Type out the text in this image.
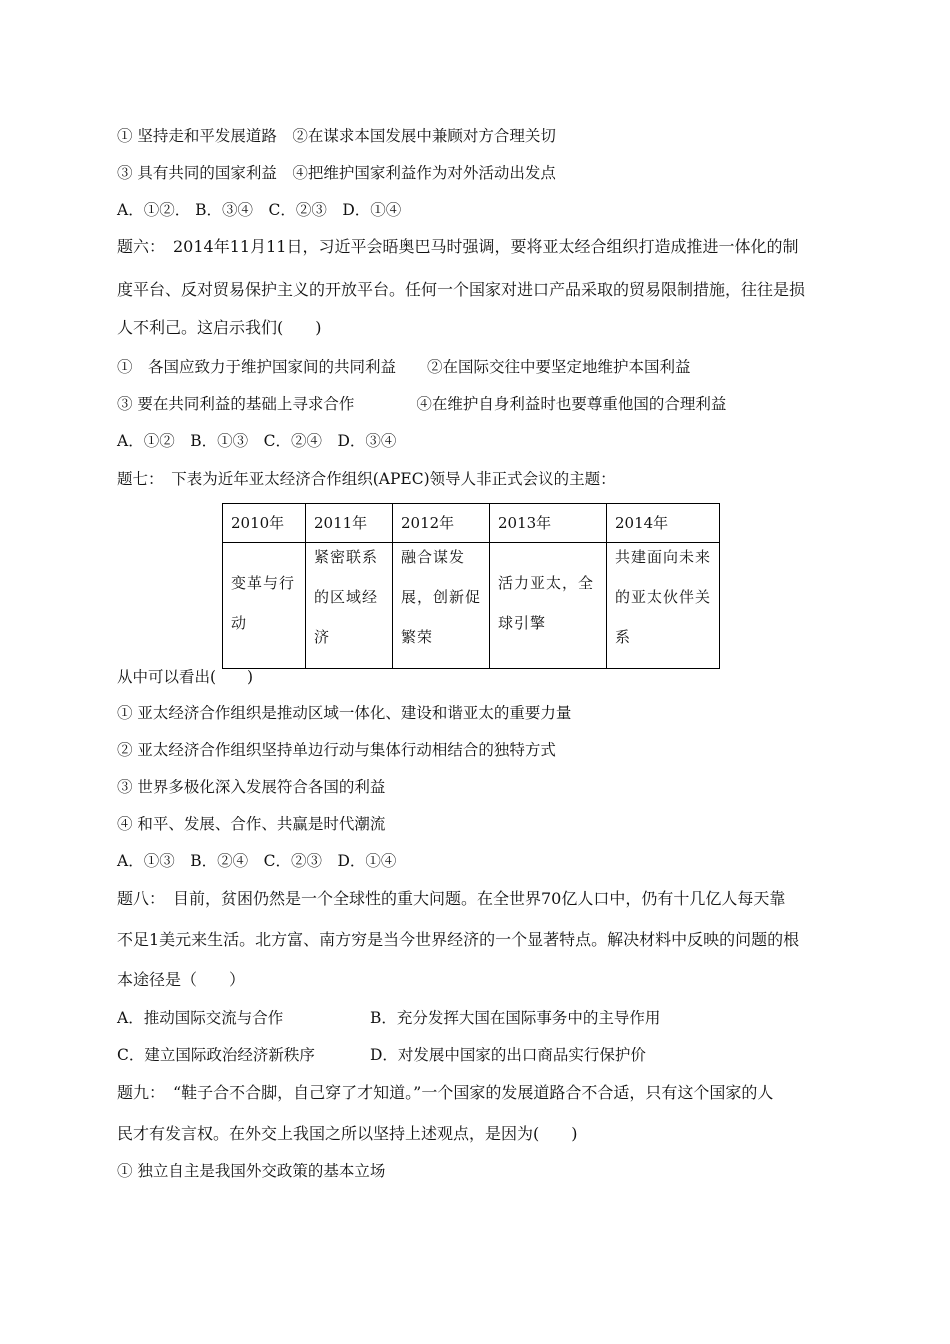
① 坚持走和平发展道路　②在谋求本国发展中兼顾对方合理关切
③ 具有共同的国家利益　④把维护国家利益作为对外活动出发点
A．①②． B．③④　C．②③　D．①④
题六：　2014年11月11日，习近平会晤奥巴马时强调，要将亚太经合组织打造成推进一体化的制
度平台、反对贸易保护主义的开放平台。任何一个国家对进口产品采取的贸易限制措施，往往是损
人不利己。这启示我们(　　)
①　各国应致力于维护国家间的共同利益　　②在国际交往中要坚定地维护本国利益
③ 要在共同利益的基础上寻求合作　　　　④在维护自身利益时也要尊重他国的合理利益
A．①②　B．①③　C．②④　D．③④
题七：　下表为近年亚太经济合作组织(APEC)领导人非正式会议的主题：
2010年	2011年	2012年	2013年	2014年

变革与行动	紧密联系的区域经济	融合谋发展，创新促繁荣	活力亚太，全球引擎	共建面向未来的亚太伙伴关系
从中可以看出(　　)
① 亚太经济合作组织是推动区域一体化、建设和谐亚太的重要力量
② 亚太经济合作组织坚持单边行动与集体行动相结合的独特方式
③ 世界多极化深入发展符合各国的利益
④ 和平、发展、合作、共赢是时代潮流
A．①③　B．②④　C．②③　D．①④
题八：　目前，贫困仍然是一个全球性的重大问题。在全世界70亿人口中，仍有十几亿人每天靠
不足1美元来生活。北方富、南方穷是当今世界经济的一个显著特点。解决材料中反映的问题的根
本途径是（　　）
A．推动国际交流与合作	B．充分发挥大国在国际事务中的主导作用
C．建立国际政治经济新秩序	D．对发展中国家的出口商品实行保护价
题九：　“鞋子合不合脚，自己穿了才知道。”一个国家的发展道路合不合适，只有这个国家的人
民才有发言权。在外交上我国之所以坚持上述观点，是因为(　　)
① 独立自主是我国外交政策的基本立场
